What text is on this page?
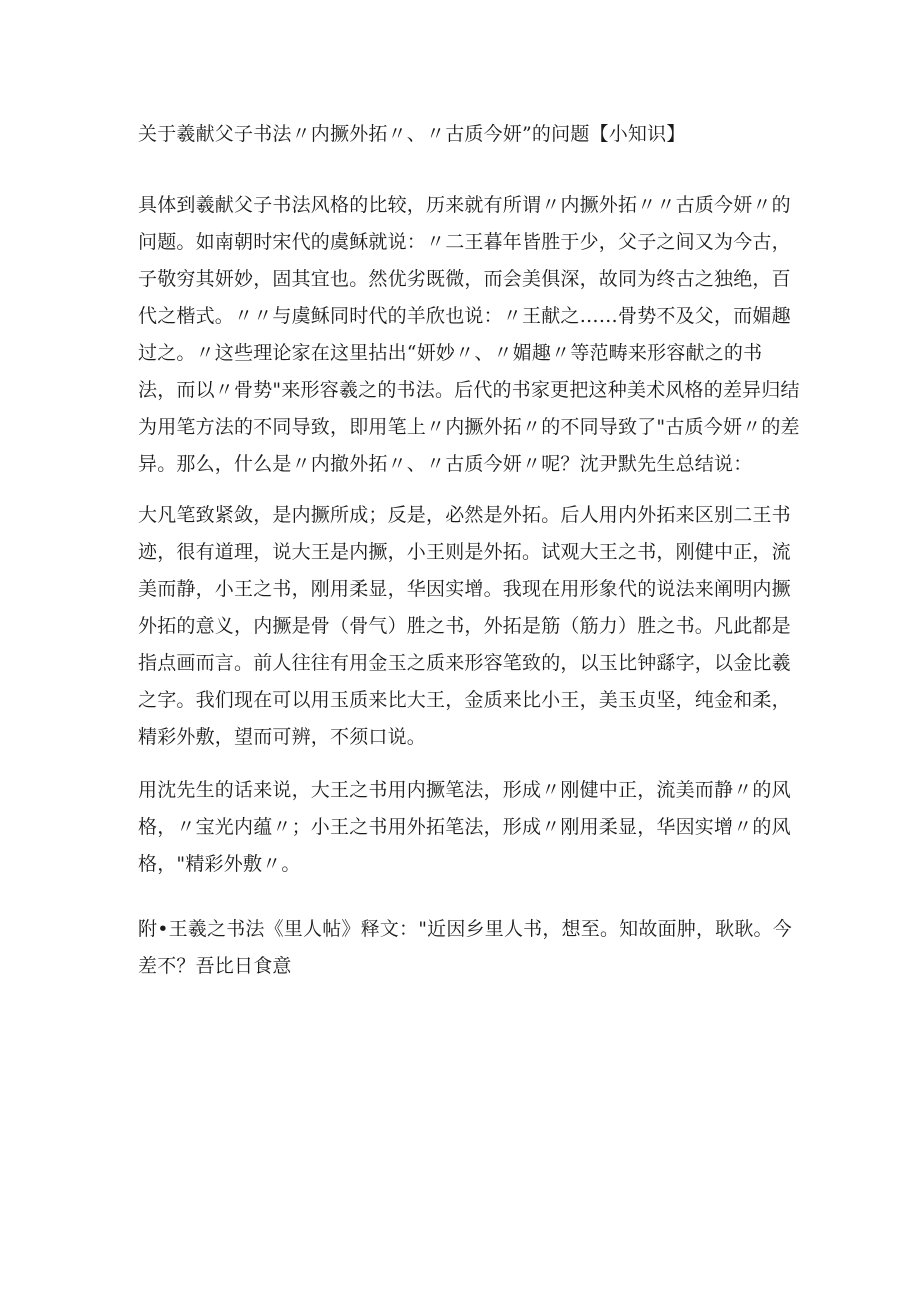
关于羲献父子书法〃内撅外拓〃、〃古质今妍”的问题【小知识】
具体到羲献父子书法风格的比较，历来就有所谓〃内撅外拓〃〃古质今妍〃的
问题。如南朝时宋代的虞稣就说：〃二王暮年皆胜于少，父子之间又为今古，
子敬穷其妍妙，固其宜也。然优劣既微，而会美俱深，故同为终古之独绝，百
代之楷式。〃〃与虞稣同时代的羊欣也说：〃王献之……骨势不及父，而媚趣
过之。〃这些理论家在这里拈出“妍妙〃、〃媚趣〃等范畴来形容献之的书
法，而以〃骨势"来形容羲之的书法。后代的书家更把这种美术风格的差异归结
为用笔方法的不同导致，即用笔上〃内撅外拓〃的不同导致了"古质今妍〃的差
异。那么，什么是〃内撤外拓〃、〃古质今妍〃呢？沈尹默先生总结说：
大凡笔致紧敛，是内撅所成；反是，必然是外拓。后人用内外拓来区别二王书
迹，很有道理，说大王是内撅，小王则是外拓。试观大王之书，刚健中正，流
美而静，小王之书，刚用柔显，华因实增。我现在用形象代的说法来阐明内撅
外拓的意义，内撅是骨（骨气）胜之书，外拓是筋（筋力）胜之书。凡此都是
指点画而言。前人往往有用金玉之质来形容笔致的，以玉比钟繇字，以金比羲
之字。我们现在可以用玉质来比大王，金质来比小王，美玉贞坚，纯金和柔，
精彩外敷，望而可辨，不须口说。
用沈先生的话来说，大王之书用内撅笔法，形成〃刚健中正，流美而静〃的风
格，〃宝光内蕴〃；小王之书用外拓笔法，形成〃刚用柔显，华因实增〃的风
格，"精彩外敷〃。
附•王羲之书法《里人帖》释文："近因乡里人书，想至。知故面肿，耿耿。今
差不？吾比日食意
